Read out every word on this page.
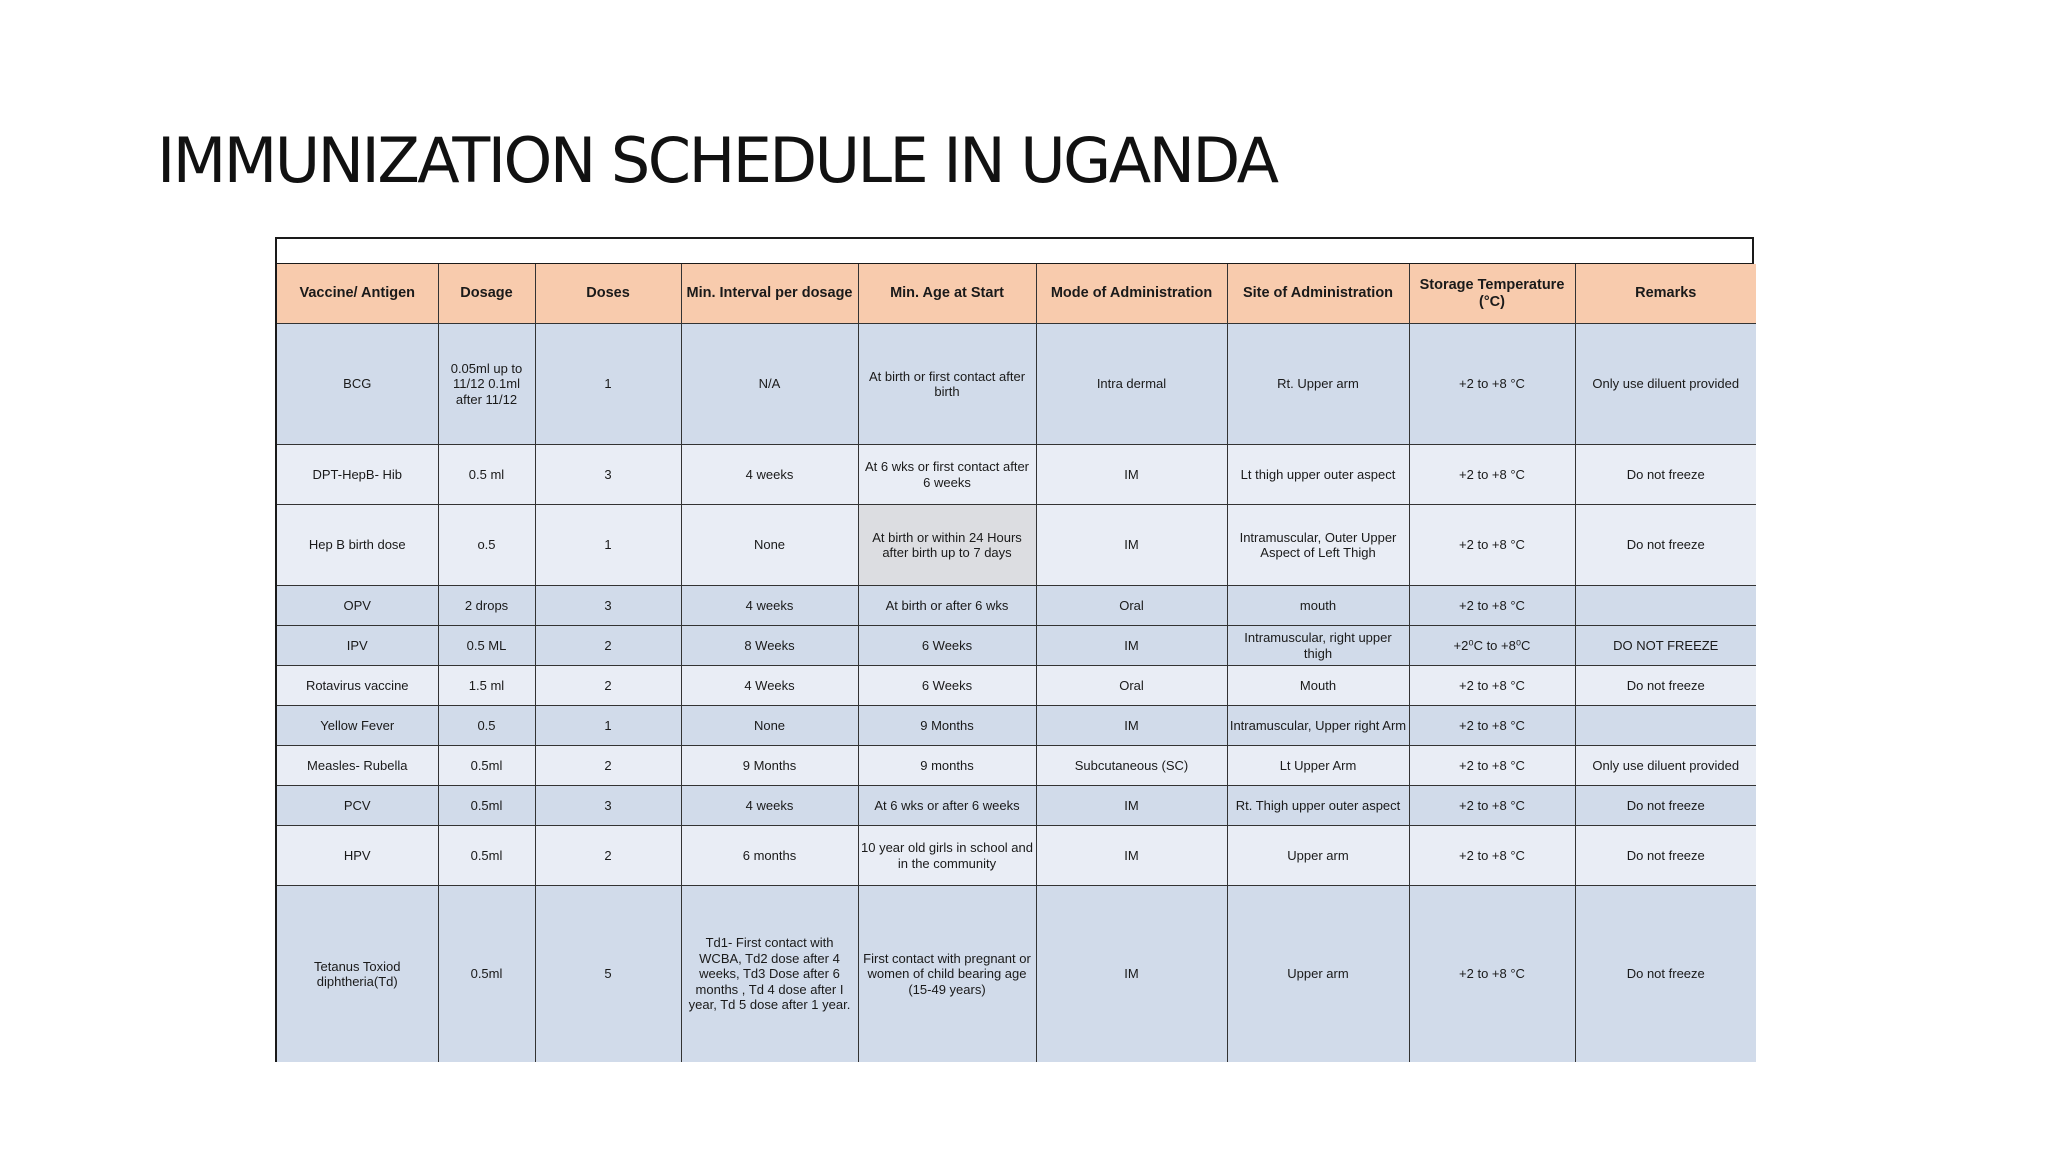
IMMUNIZATION SCHEDULE IN UGANDA
Vaccine/ Antigen	Dosage	Doses	Min. Interval per dosage	Min. Age at Start	Mode of Administration	Site of Administration	Storage Temperature (°C)	Remarks
BCG	0.05ml up to 11/12 0.1ml after 11/12	1	N/A	At birth or first contact after birth	Intra dermal	Rt. Upper arm	+2 to +8 °C	Only use diluent provided
DPT-HepB- Hib	0.5 ml	3	4 weeks	At 6 wks or first contact after 6 weeks	IM	Lt thigh upper outer aspect	+2 to +8 °C	Do not freeze
Hep B birth dose	o.5	1	None	At birth or within 24 Hours after birth up to 7 days	IM	Intramuscular, Outer Upper Aspect of Left Thigh	+2 to +8 °C	Do not freeze
OPV	2 drops	3	4 weeks	At birth or after 6 wks	Oral	mouth	+2 to +8 °C	
IPV	0.5 ML	2	8 Weeks	6 Weeks	IM	Intramuscular, right upper thigh	+2⁰C to +8⁰C	DO NOT FREEZE
Rotavirus vaccine	1.5 ml	2	4 Weeks	6 Weeks	Oral	Mouth	+2 to +8 °C	Do not freeze
Yellow Fever	0.5	1	None	9 Months	IM	Intramuscular, Upper right Arm	+2 to +8 °C	
Measles- Rubella	0.5ml	2	9 Months	9 months	Subcutaneous (SC)	Lt Upper Arm	+2 to +8 °C	Only use diluent provided
PCV	0.5ml	3	4 weeks	At 6 wks or after 6 weeks	IM	Rt. Thigh upper outer aspect	+2 to +8 °C	Do not freeze
HPV	0.5ml	2	6 months	10 year old girls in school and in the community	IM	Upper arm	+2 to +8 °C	Do not freeze
Tetanus Toxiod diphtheria(Td)	0.5ml	5	Td1- First contact with WCBA, Td2 dose after 4 weeks, Td3 Dose after 6 months , Td 4 dose after I year, Td 5 dose after 1 year.	First contact with pregnant or women of child bearing age (15-49 years)	IM	Upper arm	+2 to +8 °C	Do not freeze
